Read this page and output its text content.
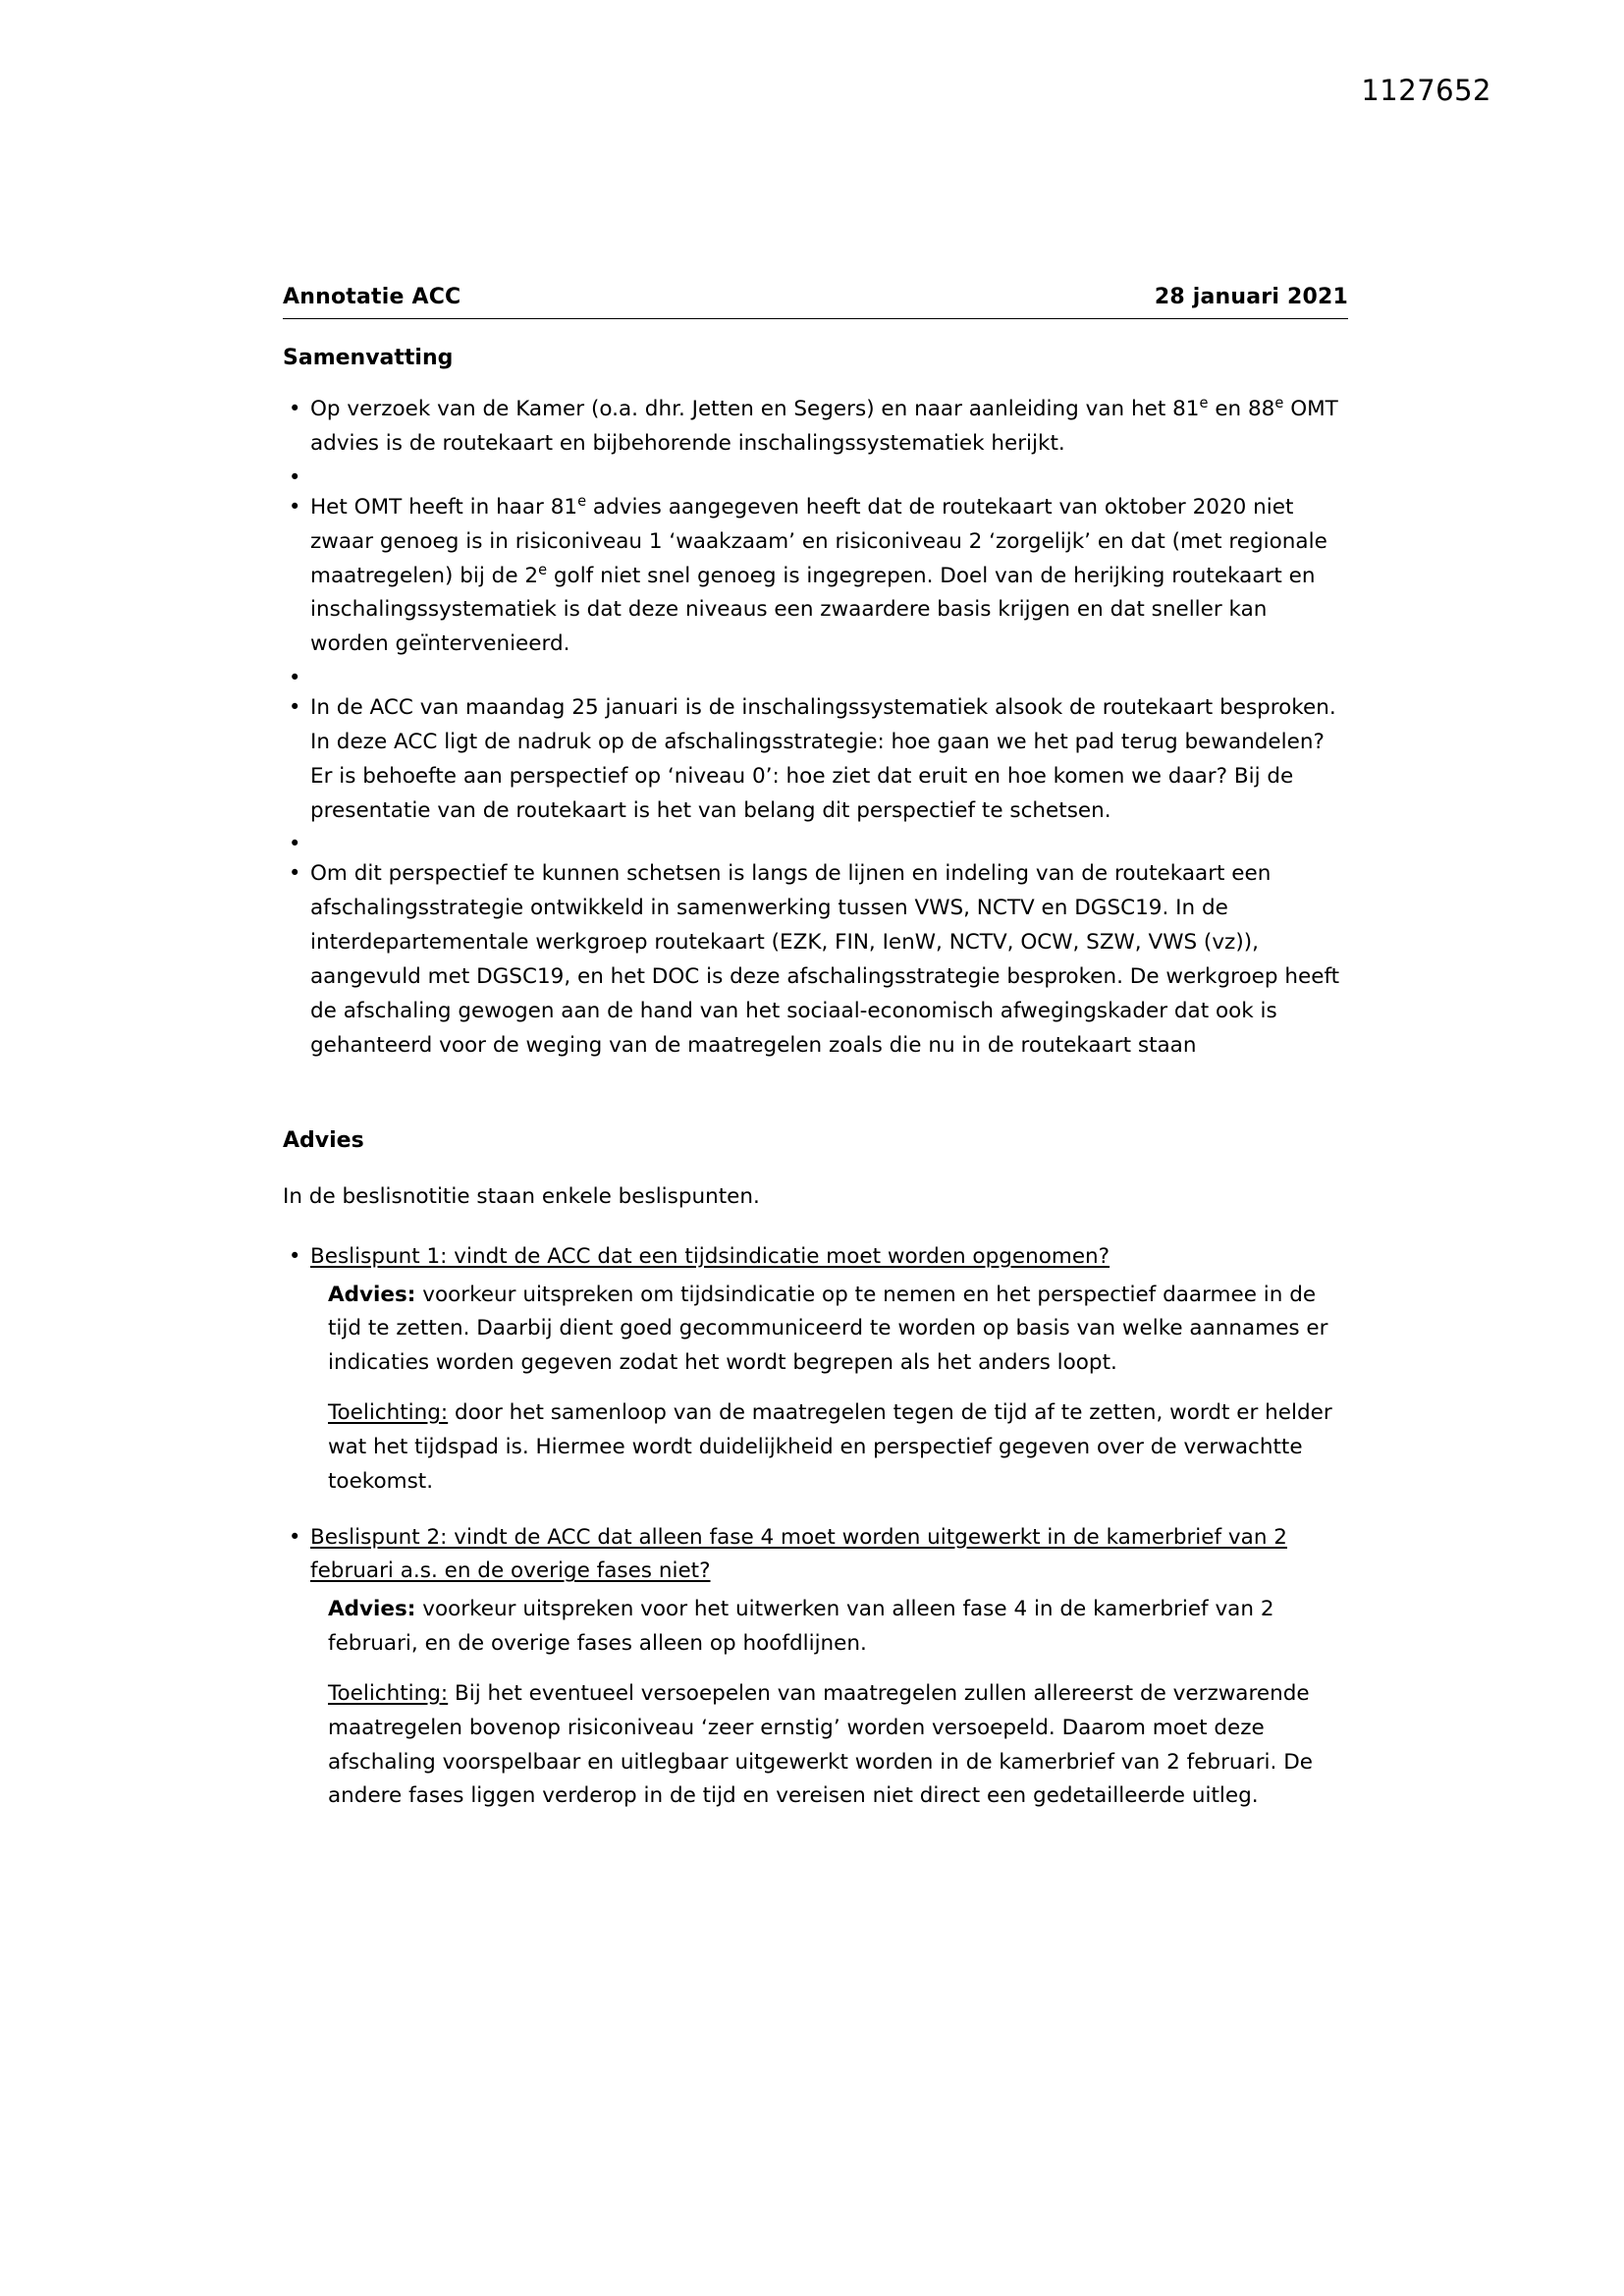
1127652
Annotatie ACC	28 januari 2021
Samenvatting
• Op verzoek van de Kamer (o.a. dhr. Jetten en Segers) en naar aanleiding van het 81e en 88e OMT advies is de routekaart en bijbehorende inschalingssystematiek herijkt.
•
• Het OMT heeft in haar 81e advies aangegeven heeft dat de routekaart van oktober 2020 niet zwaar genoeg is in risiconiveau 1 ‘waakzaam’ en risiconiveau 2 ‘zorgelijk’ en dat (met regionale maatregelen) bij de 2e golf niet snel genoeg is ingegrepen. Doel van de herijking routekaart en inschalingssystematiek is dat deze niveaus een zwaardere basis krijgen en dat sneller kan worden geïntervenieerd.
•
• In de ACC van maandag 25 januari is de inschalingssystematiek alsook de routekaart besproken. In deze ACC ligt de nadruk op de afschalingsstrategie: hoe gaan we het pad terug bewandelen? Er is behoefte aan perspectief op ‘niveau 0’: hoe ziet dat eruit en hoe komen we daar? Bij de presentatie van de routekaart is het van belang dit perspectief te schetsen.
•
• Om dit perspectief te kunnen schetsen is langs de lijnen en indeling van de routekaart een afschalingsstrategie ontwikkeld in samenwerking tussen VWS, NCTV en DGSC19. In de interdepartementale werkgroep routekaart (EZK, FIN, IenW, NCTV, OCW, SZW, VWS (vz)), aangevuld met DGSC19, en het DOC is deze afschalingsstrategie besproken. De werkgroep heeft de afschaling gewogen aan de hand van het sociaal-economisch afwegingskader dat ook is gehanteerd voor de weging van de maatregelen zoals die nu in de routekaart staan
Advies
In de beslisnotitie staan enkele beslispunten.
• Beslispunt 1: vindt de ACC dat een tijdsindicatie moet worden opgenomen?

Advies: voorkeur uitspreken om tijdsindicatie op te nemen en het perspectief daarmee in de tijd te zetten. Daarbij dient goed gecommuniceerd te worden op basis van welke aannames er indicaties worden gegeven zodat het wordt begrepen als het anders loopt.

Toelichting: door het samenloop van de maatregelen tegen de tijd af te zetten, wordt er helder wat het tijdspad is. Hiermee wordt duidelijkheid en perspectief gegeven over de verwachtte toekomst.

• Beslispunt 2: vindt de ACC dat alleen fase 4 moet worden uitgewerkt in de kamerbrief van 2 februari a.s. en de overige fases niet?

Advies: voorkeur uitspreken voor het uitwerken van alleen fase 4 in de kamerbrief van 2 februari, en de overige fases alleen op hoofdlijnen.

Toelichting: Bij het eventueel versoepelen van maatregelen zullen allereerst de verzwarende maatregelen bovenop risiconiveau ‘zeer ernstig’ worden versoepeld. Daarom moet deze afschaling voorspelbaar en uitlegbaar uitgewerkt worden in de kamerbrief van 2 februari. De andere fases liggen verderop in de tijd en vereisen niet direct een gedetailleerde uitleg.
